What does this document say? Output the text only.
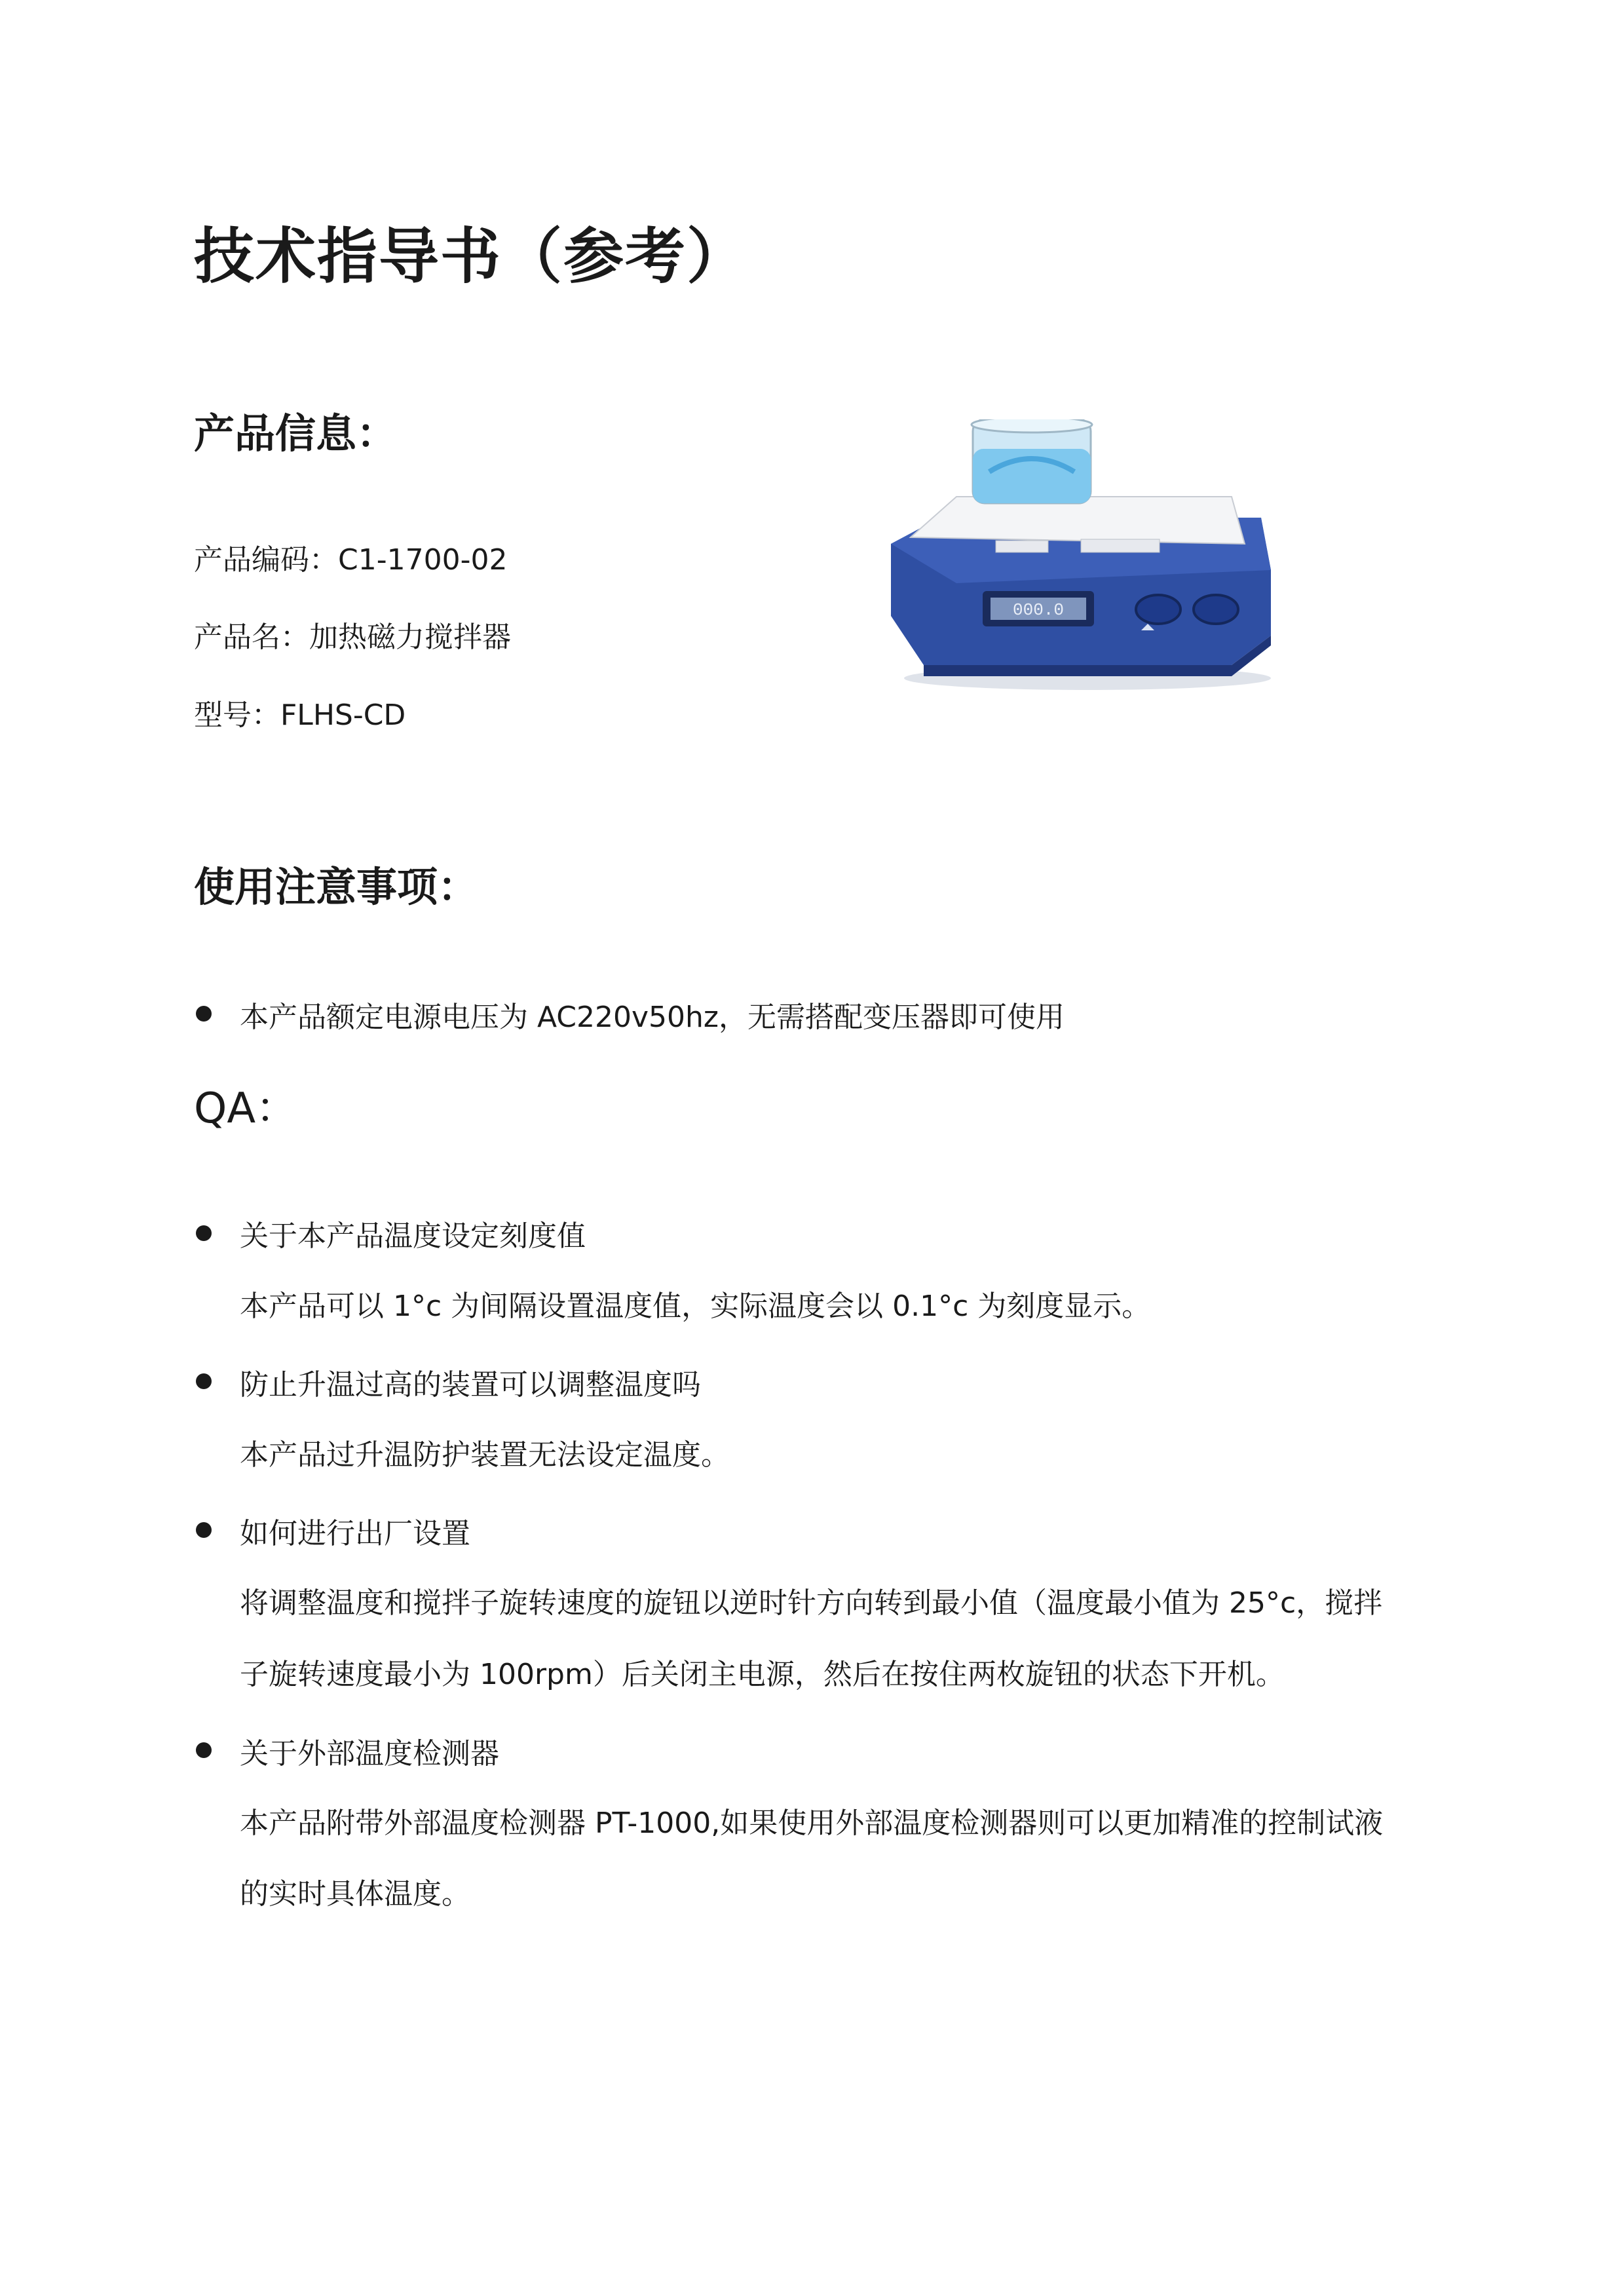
技术指导书（参考）
产品信息：
产品编码：C1-1700-02
产品名：加热磁力搅拌器
型号：FLHS-CD
000.0
使用注意事项：
本产品额定电源电压为 AC220v50hz，无需搭配变压器即可使用
QA：
关于本产品温度设定刻度值
本产品可以 1°c 为间隔设置温度值，实际温度会以 0.1°c 为刻度显示。
防止升温过高的装置可以调整温度吗
本产品过升温防护装置无法设定温度。
如何进行出厂设置
将调整温度和搅拌子旋转速度的旋钮以逆时针方向转到最小值（温度最小值为 25°c，搅拌
子旋转速度最小为 100rpm）后关闭主电源，然后在按住两枚旋钮的状态下开机。
关于外部温度检测器
本产品附带外部温度检测器 PT-1000,如果使用外部温度检测器则可以更加精准的控制试液
的实时具体温度。
